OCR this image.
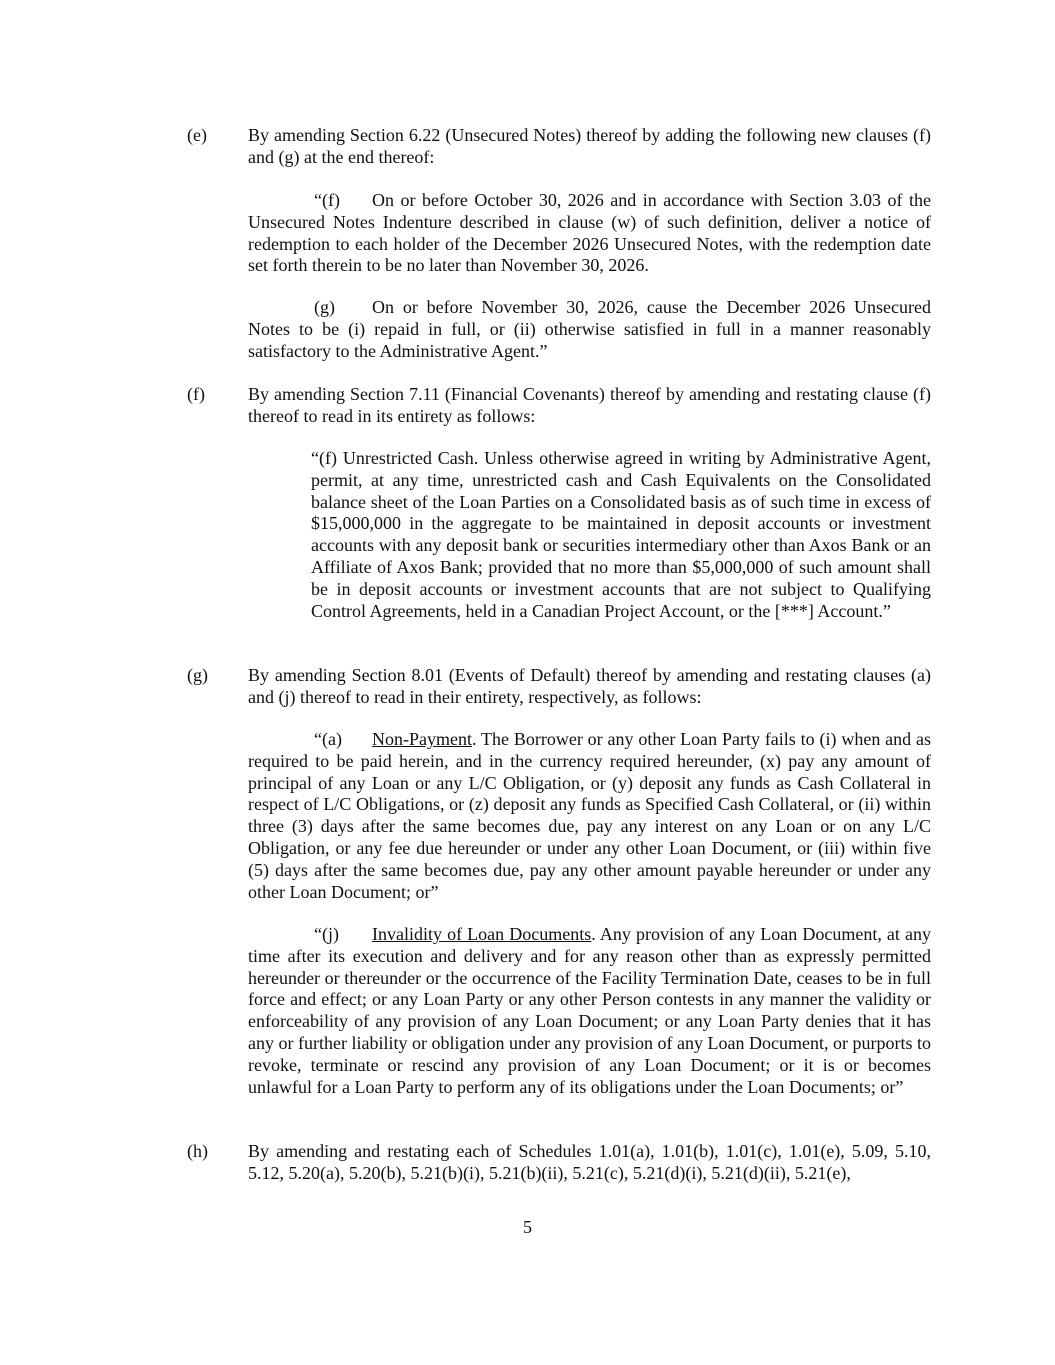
(e)	By amending Section 6.22 (Unsecured Notes) thereof by adding the following new clauses (f) and (g) at the end thereof:
“(f) On or before October 30, 2026 and in accordance with Section 3.03 of the Unsecured Notes Indenture described in clause (w) of such definition, deliver a notice of redemption to each holder of the December 2026 Unsecured Notes, with the redemption date set forth therein to be no later than November 30, 2026.
(g) On or before November 30, 2026, cause the December 2026 Unsecured Notes to be (i) repaid in full, or (ii) otherwise satisfied in full in a manner reasonably satisfactory to the Administrative Agent.”
(f)	By amending Section 7.11 (Financial Covenants) thereof by amending and restating clause (f) thereof to read in its entirety as follows:
“(f) Unrestricted Cash. Unless otherwise agreed in writing by Administrative Agent, permit, at any time, unrestricted cash and Cash Equivalents on the Consolidated balance sheet of the Loan Parties on a Consolidated basis as of such time in excess of $15,000,000 in the aggregate to be maintained in deposit accounts or investment accounts with any deposit bank or securities intermediary other than Axos Bank or an Affiliate of Axos Bank; provided that no more than $5,000,000 of such amount shall be in deposit accounts or investment accounts that are not subject to Qualifying Control Agreements, held in a Canadian Project Account, or the [***] Account.”
(g)	By amending Section 8.01 (Events of Default) thereof by amending and restating clauses (a) and (j) thereof to read in their entirety, respectively, as follows:
“(a) Non-Payment. The Borrower or any other Loan Party fails to (i) when and as required to be paid herein, and in the currency required hereunder, (x) pay any amount of principal of any Loan or any L/C Obligation, or (y) deposit any funds as Cash Collateral in respect of L/C Obligations, or (z) deposit any funds as Specified Cash Collateral, or (ii) within three (3) days after the same becomes due, pay any interest on any Loan or on any L/C Obligation, or any fee due hereunder or under any other Loan Document, or (iii) within five (5) days after the same becomes due, pay any other amount payable hereunder or under any other Loan Document; or”
“(j) Invalidity of Loan Documents. Any provision of any Loan Document, at any time after its execution and delivery and for any reason other than as expressly permitted hereunder or thereunder or the occurrence of the Facility Termination Date, ceases to be in full force and effect; or any Loan Party or any other Person contests in any manner the validity or enforceability of any provision of any Loan Document; or any Loan Party denies that it has any or further liability or obligation under any provision of any Loan Document, or purports to revoke, terminate or rescind any provision of any Loan Document; or it is or becomes unlawful for a Loan Party to perform any of its obligations under the Loan Documents; or”
(h)	By amending and restating each of Schedules 1.01(a), 1.01(b), 1.01(c), 1.01(e), 5.09, 5.10, 5.12, 5.20(a), 5.20(b), 5.21(b)(i), 5.21(b)(ii), 5.21(c), 5.21(d)(i), 5.21(d)(ii), 5.21(e),
5
